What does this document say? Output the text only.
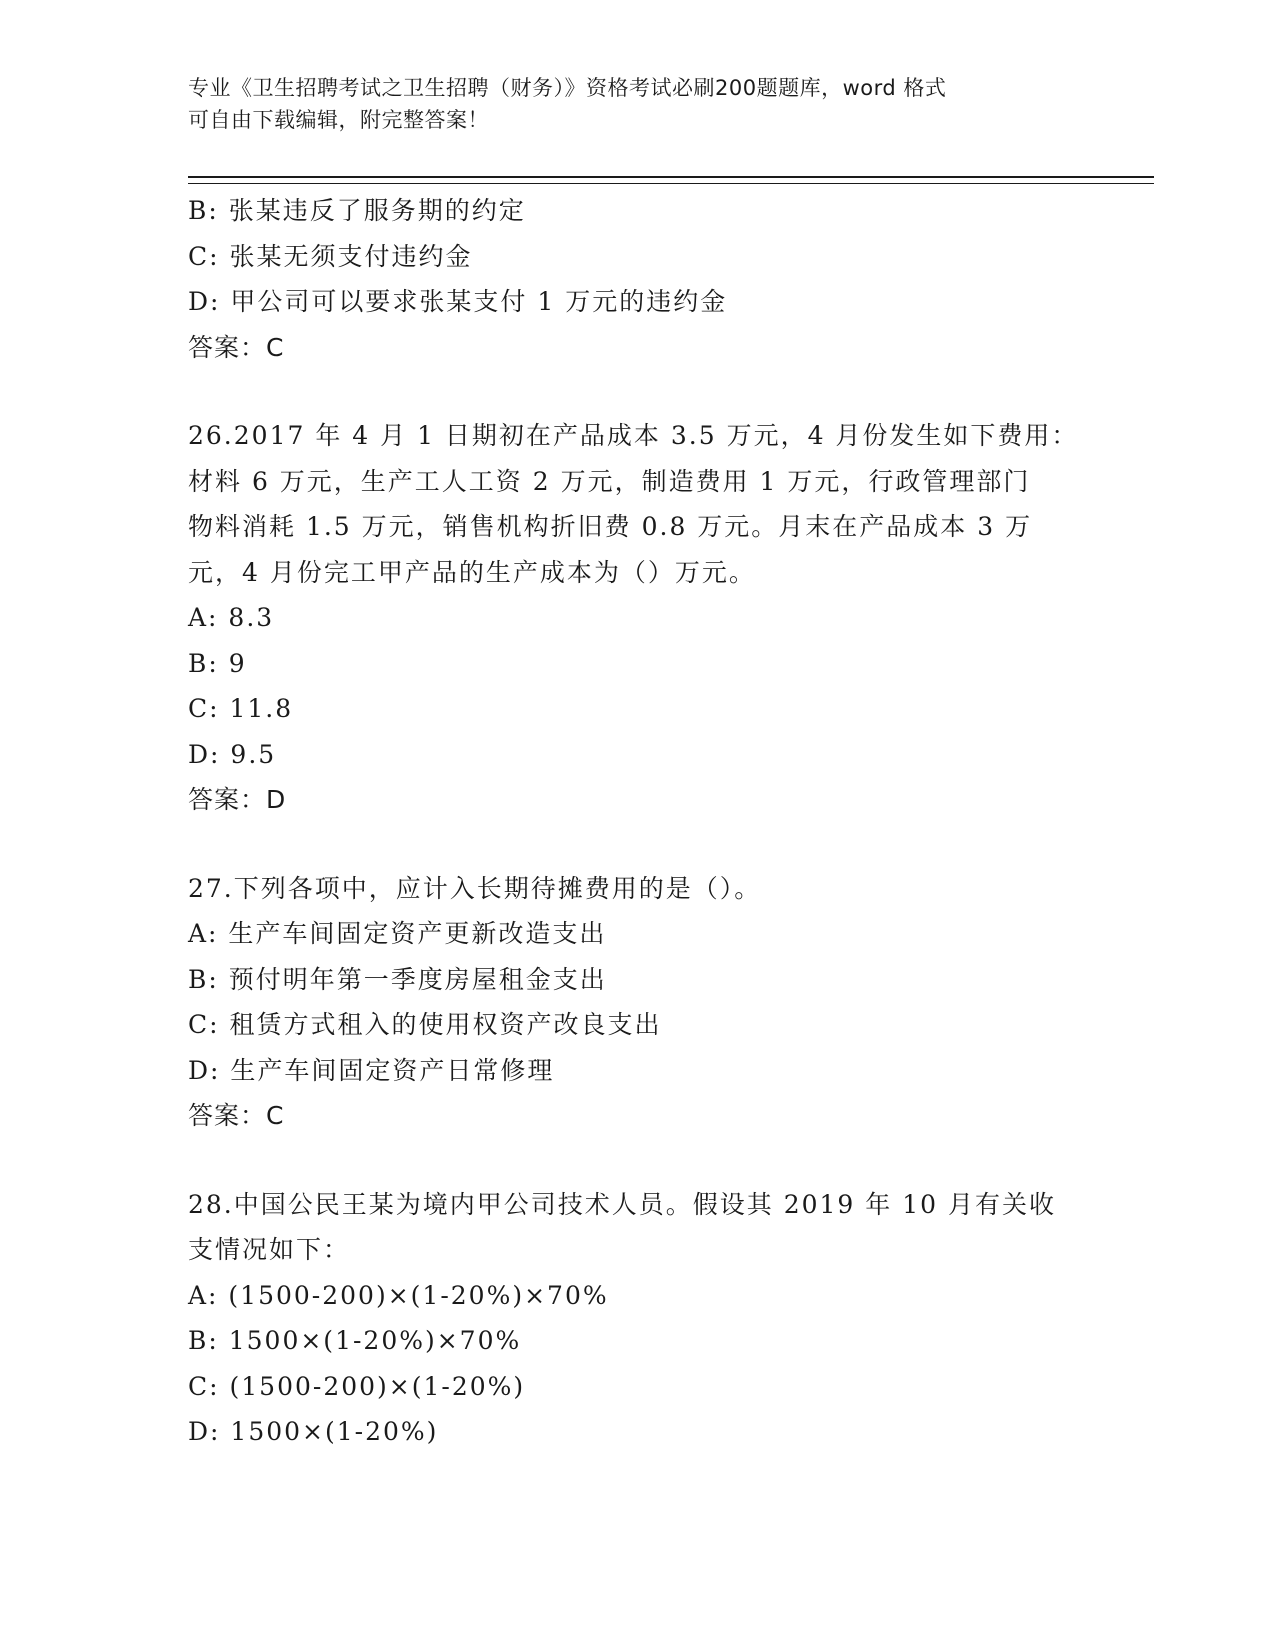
专业《卫生招聘考试之卫生招聘（财务）》资格考试必刷200题题库，word 格式
可自由下载编辑，附完整答案！
B: 张某违反了服务期的约定
C: 张某无须支付违约金
D: 甲公司可以要求张某支付 1 万元的违约金
答案：C
26.2017 年 4 月 1 日期初在产品成本 3.5 万元，4 月份发生如下费用：
材料 6 万元，生产工人工资 2 万元，制造费用 1 万元，行政管理部门
物料消耗 1.5 万元，销售机构折旧费 0.8 万元。月末在产品成本 3 万
元，4 月份完工甲产品的生产成本为（）万元。
A: 8.3
B: 9
C: 11.8
D: 9.5
答案：D
27.下列各项中，应计入长期待摊费用的是（）。
A: 生产车间固定资产更新改造支出
B: 预付明年第一季度房屋租金支出
C: 租赁方式租入的使用权资产改良支出
D: 生产车间固定资产日常修理
答案：C
28.中国公民王某为境内甲公司技术人员。假设其 2019 年 10 月有关收
支情况如下：
A: (1500-200)×(1-20%)×70%
B: 1500×(1-20%)×70%
C: (1500-200)×(1-20%)
D: 1500×(1-20%)
